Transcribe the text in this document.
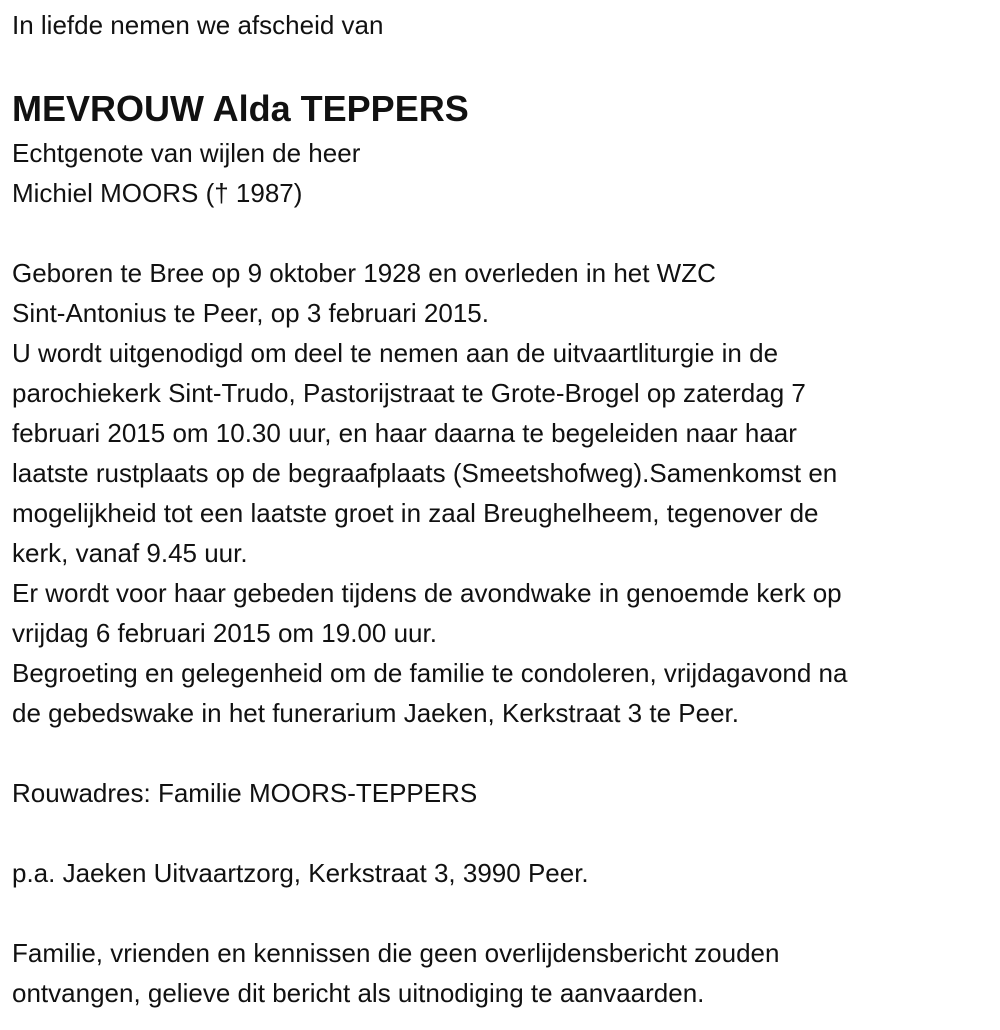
In liefde nemen we afscheid van
MEVROUW Alda TEPPERS
Echtgenote van wijlen de heer
Michiel MOORS († 1987)
Geboren te Bree op 9 oktober 1928 en overleden in het WZC
Sint-Antonius te Peer, op 3 februari 2015.
U wordt uitgenodigd om deel te nemen aan de uitvaartliturgie in de
parochiekerk Sint-Trudo, Pastorijstraat te Grote-Brogel op zaterdag 7
februari 2015 om 10.30 uur, en haar daarna te begeleiden naar haar
laatste rustplaats op de begraafplaats (Smeetshofweg).Samenkomst en
mogelijkheid tot een laatste groet in zaal Breughelheem, tegenover de
kerk, vanaf 9.45 uur.
Er wordt voor haar gebeden tijdens de avondwake in genoemde kerk op
vrijdag 6 februari 2015 om 19.00 uur.
Begroeting en gelegenheid om de familie te condoleren, vrijdagavond na
de gebedswake in het funerarium Jaeken, Kerkstraat 3 te Peer.
Rouwadres: Familie MOORS-TEPPERS
p.a. Jaeken Uitvaartzorg, Kerkstraat 3, 3990 Peer.
Familie, vrienden en kennissen die geen overlijdensbericht zouden
ontvangen, gelieve dit bericht als uitnodiging te aanvaarden.
